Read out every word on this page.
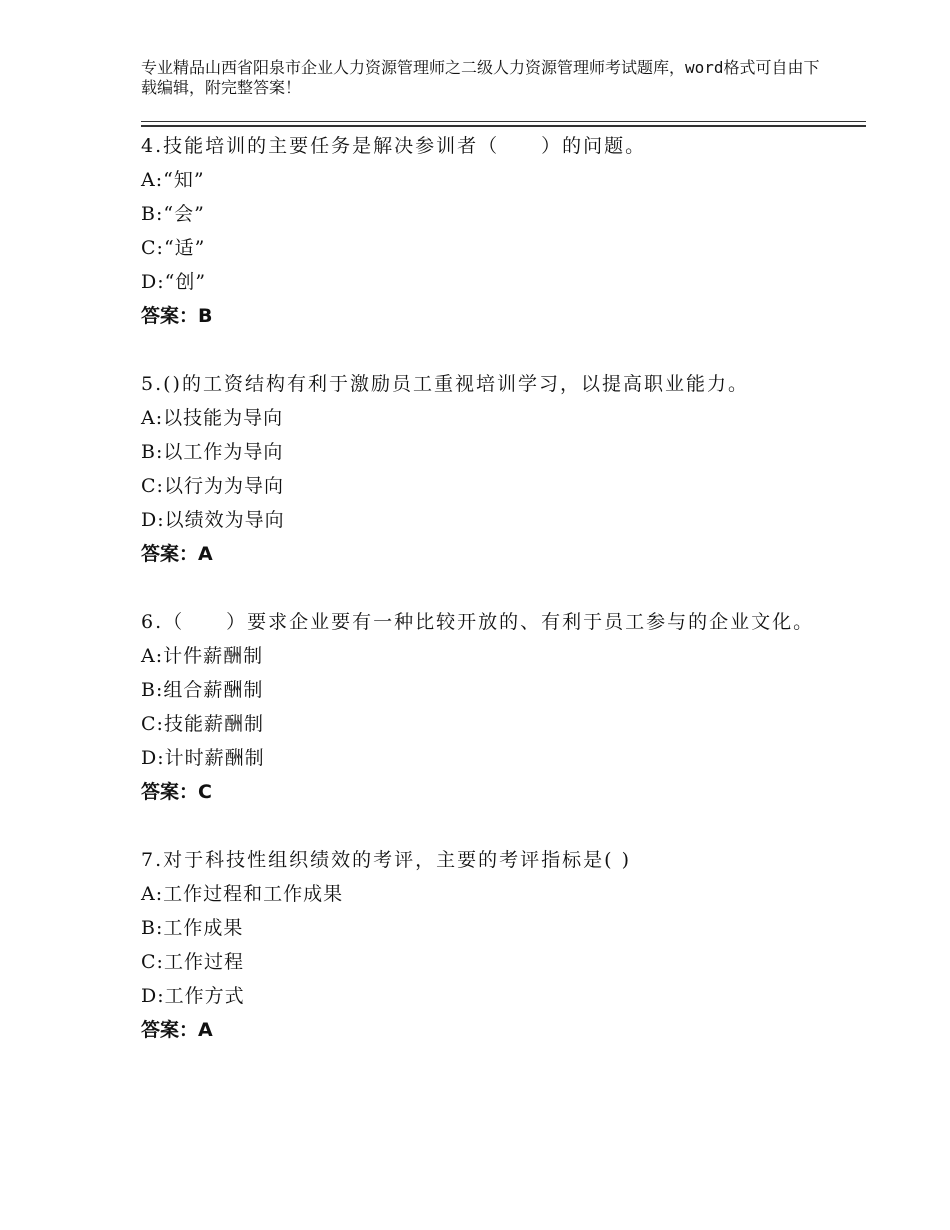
专业精品山西省阳泉市企业人力资源管理师之二级人力资源管理师考试题库，word格式可自由下载编辑，附完整答案！
4.技能培训的主要任务是解决参训者（　　）的问题。
A:“知”
B:“会”
C:“适”
D:“创”
答案：B
5.()的工资结构有利于激励员工重视培训学习，以提高职业能力。
A:以技能为导向
B:以工作为导向
C:以行为为导向
D:以绩效为导向
答案：A
6.（　　）要求企业要有一种比较开放的、有利于员工参与的企业文化。
A:计件薪酬制
B:组合薪酬制
C:技能薪酬制
D:计时薪酬制
答案：C
7.对于科技性组织绩效的考评，主要的考评指标是( )
A:工作过程和工作成果
B:工作成果
C:工作过程
D:工作方式
答案：A
